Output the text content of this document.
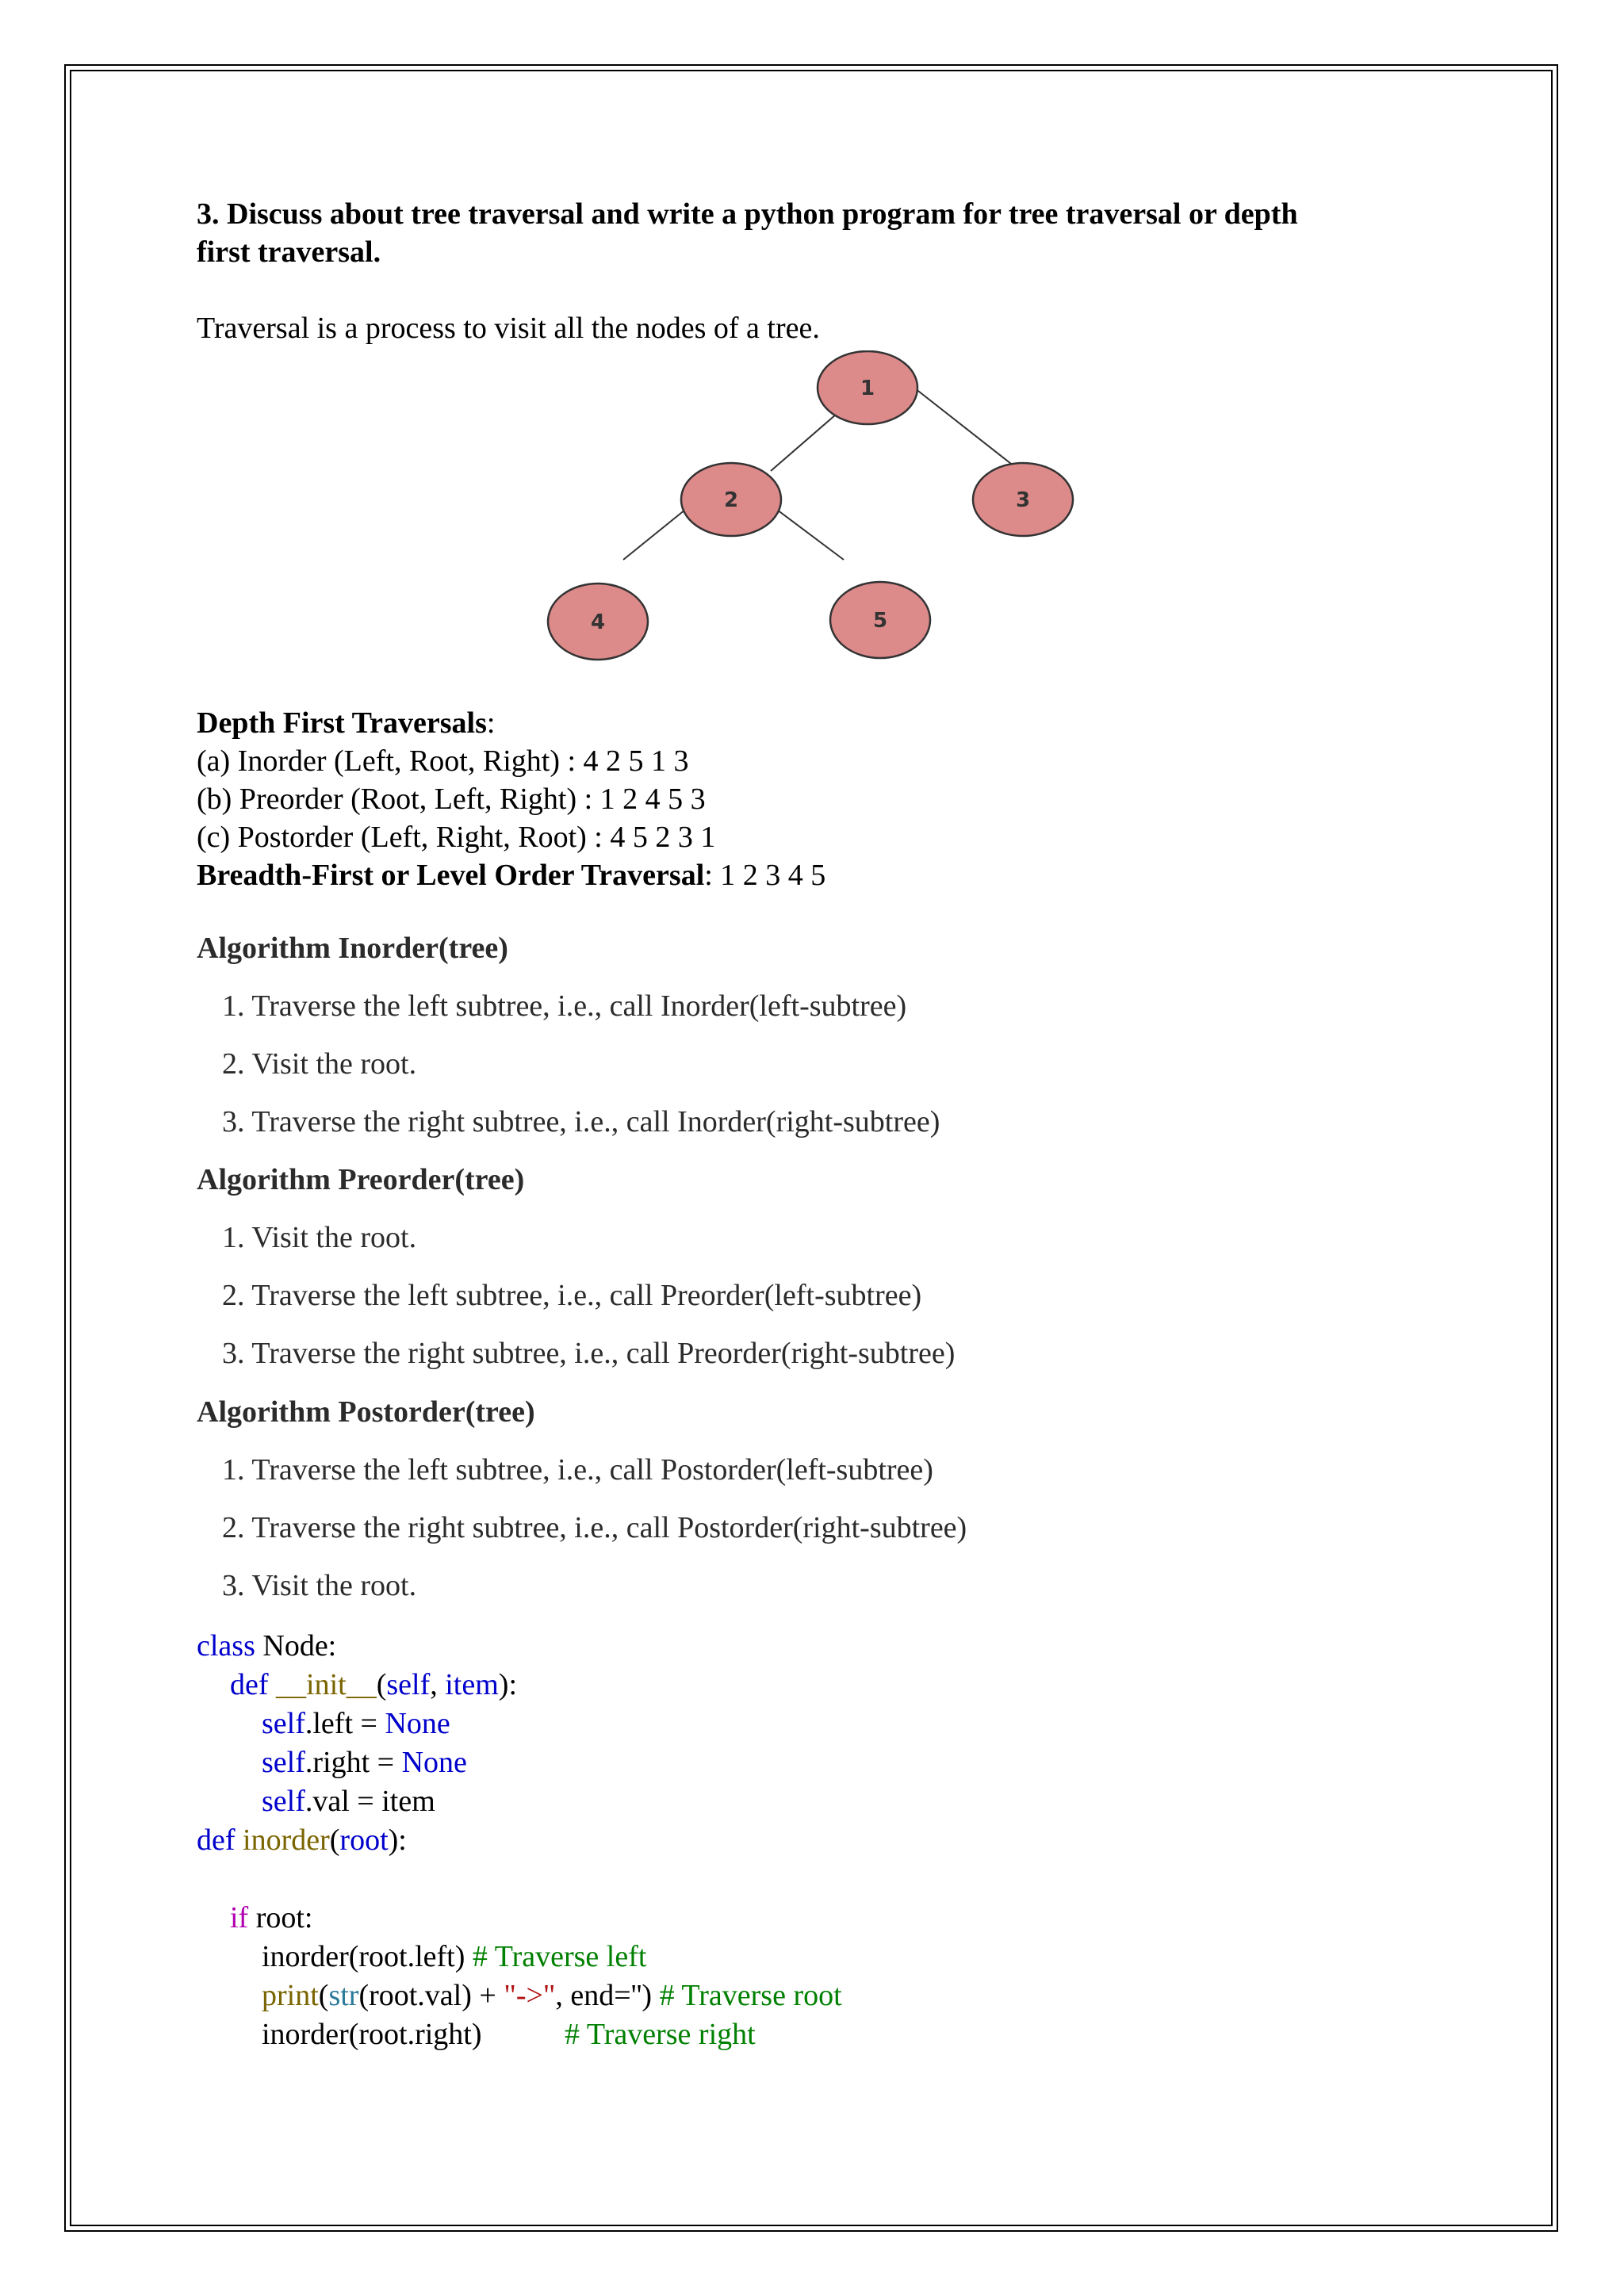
3. Discuss about tree traversal and write a python program for tree traversal or depth

first traversal.

Traversal is a process to visit all the nodes of a tree.

1
2	3
4	5
Depth First Traversals:
(a) Inorder (Left, Root, Right) : 4 2 5 1 3
(b) Preorder (Root, Left, Right) : 1 2 4 5 3
(c) Postorder (Left, Right, Root) : 4 5 2 3 1
Breadth-First or Level Order Traversal: 1 2 3 4 5
Algorithm Inorder(tree)
1. Traverse the left subtree, i.e., call Inorder(left-subtree)
2. Visit the root.
3. Traverse the right subtree, i.e., call Inorder(right-subtree)
Algorithm Preorder(tree)
1. Visit the root.
2. Traverse the left subtree, i.e., call Preorder(left-subtree)
3. Traverse the right subtree, i.e., call Preorder(right-subtree)
Algorithm Postorder(tree)
1. Traverse the left subtree, i.e., call Postorder(left-subtree)
2. Traverse the right subtree, i.e., call Postorder(right-subtree)
3. Visit the root.
class Node:
def __init__(self, item):
self.left = None
self.right = None
self.val = item
def inorder(root):
if root:
inorder(root.left) # Traverse left
print(str(root.val) + "->", end='') # Traverse root
inorder(root.right)           # Traverse right
